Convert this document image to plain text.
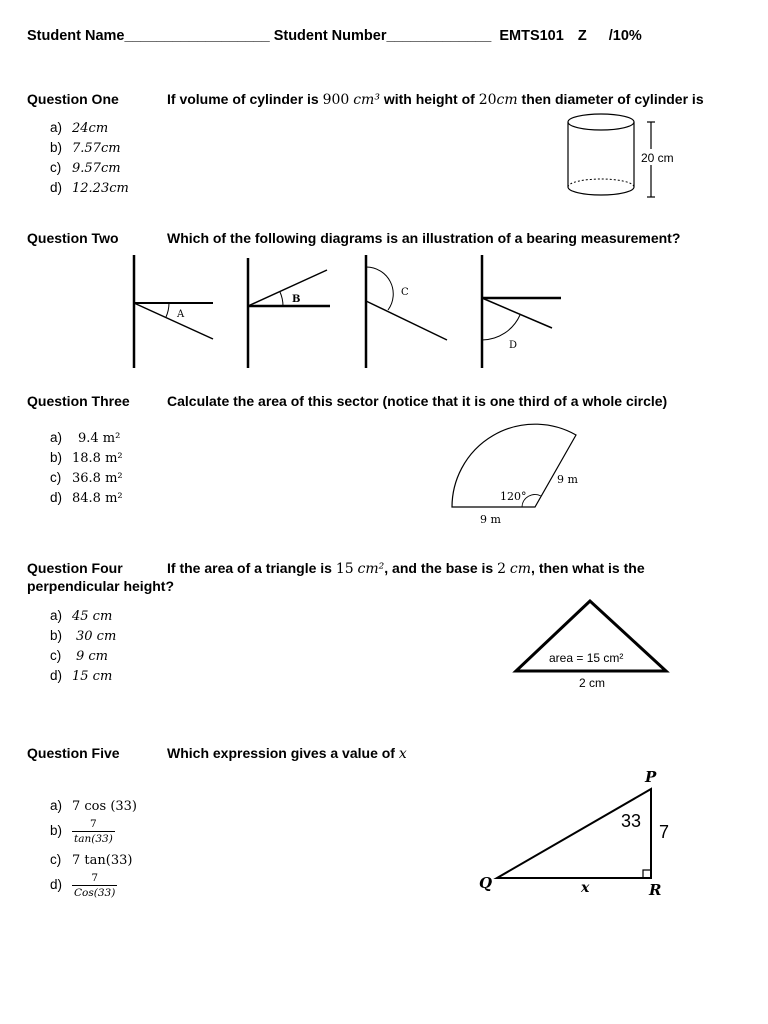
Student Name__________________ Student Number_____________ EMTS101 Z /10%
Question One	If volume of cylinder is 900 cm³ with height of 20cm then diameter of cylinder is
a) 24cm
b) 7.57cm
c) 9.57cm
d) 12.23cm
20 cm
Question Two	Which of the following diagrams is an illustration of a bearing measurement?
A
B
C
D
Question Three	Calculate the area of this sector (notice that it is one third of a whole circle)
a) 9.4 m²
b) 18.8 m²
c) 36.8 m²
d) 84.8 m²	120°
9 m
9 m
Question Four	If the area of a triangle is 15 cm², and the base is 2 cm, then what is the
perpendicular height?
a) 45 cm
b) 30 cm
c) 9 cm
d) 15 cm
area = 15 cm²
2 cm
Question Five	Which expression gives a value of x
a) 7 cos (33)
$b) \frac{7}{\tan(33)}$
c) 7 tan(33)
$d) \frac{7}{\text{Cos(33)}}$
P
Q	R
33
7
x
